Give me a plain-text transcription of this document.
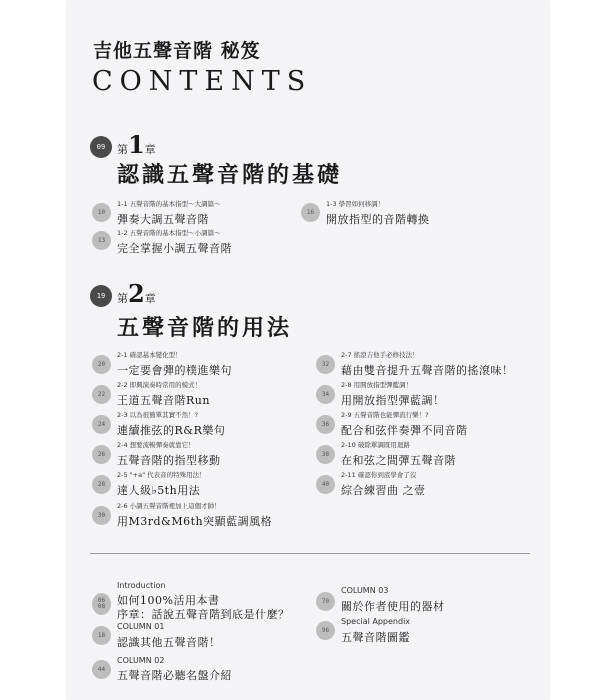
吉他五聲音階 秘笈
CONTENTS
09	第1章
認識五聲音階的基礎
10
1-1 五聲音階的基本指型～大調篇～
彈奏大調五聲音階
13
1-2 五聲音階的基本指型～小調篇～
完全掌握小調五聲音階
16
1-3 學習如何移調！
開放指型的音階轉換
19	第2章
五聲音階的用法
20
2-1 確認基本變化型！
一定要會彈的樸進樂句
22
2-2 即興演奏時常用的模式！
王道五聲音階Run
24
2-3 以為很簡單其實不然！?
連續推弦的R&R樂句
26
2-4 想要流暢彈奏就靠它！
五聲音階的指型移動
28
2-5 "+a" 代表音的特殊用法！
達人級♭5th用法
30
2-6 小調五聲音階裡加上這個才帥！
用M3rd&M6th突顯藍調風格
32
2-7 搖滾吉他手必修技法！
藉由雙音提升五聲音階的搖滾味！
34
2-8 用開放指型彈藍調！
用開放指型彈藍調！
36
2-9 五聲音階也能彈流行樂！?
配合和弦伴奏彈不同音階
38
2-10 破除單調既用迴路
在和弦之間彈五聲音階
40
2-11 確認你到底學會了沒
綜合練習曲 之壹
06
08
Introduction
如何100%活用本書
序章：話說五聲音階到底是什麼？
18
COLUMN 01
認識其他五聲音階！
44
COLUMN 02
五聲音階必聽名盤介紹
70
COLUMN 03
關於作者使用的器材
96
Special Appendix
五聲音階圖鑑
